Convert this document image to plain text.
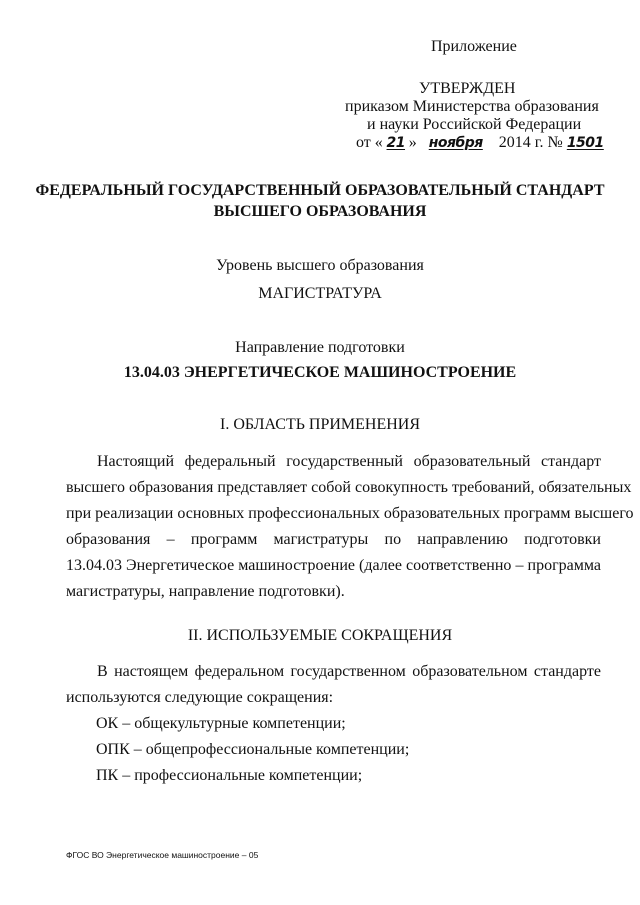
Приложение
УТВЕРЖДЕН
приказом Министерства образования
и науки Российской Федерации
от « 21 » ноября 2014 г. № 1501
ФЕДЕРАЛЬНЫЙ ГОСУДАРСТВЕННЫЙ ОБРАЗОВАТЕЛЬНЫЙ СТАНДАРТ
ВЫСШЕГО ОБРАЗОВАНИЯ
Уровень высшего образования
МАГИСТРАТУРА
Направление подготовки
13.04.03 ЭНЕРГЕТИЧЕСКОЕ МАШИНОСТРОЕНИЕ
I. ОБЛАСТЬ ПРИМЕНЕНИЯ
Настоящий федеральный государственный образовательный стандарт
высшего образования представляет собой совокупность требований, обязательных
при реализации основных профессиональных образовательных программ высшего
образования – программ магистратуры по направлению подготовки
13.04.03 Энергетическое машиностроение (далее соответственно – программа
магистратуры, направление подготовки).
II. ИСПОЛЬЗУЕМЫЕ СОКРАЩЕНИЯ
В настоящем федеральном государственном образовательном стандарте
используются следующие сокращения:
ОК – общекультурные компетенции;
ОПК – общепрофессиональные компетенции;
ПК – профессиональные компетенции;
ФГОС ВО Энергетическое машиностроение – 05
